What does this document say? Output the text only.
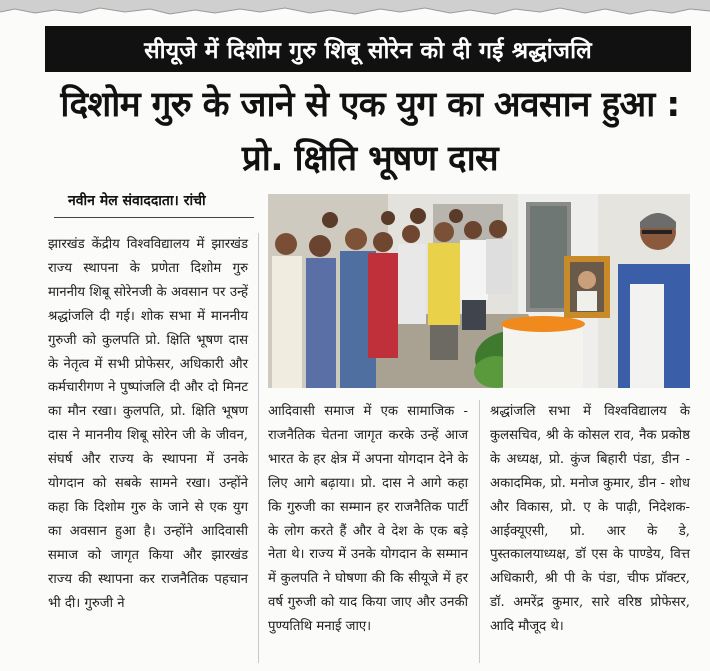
सीयूजे में दिशोम गुरु शिबू सोरेन को दी गई श्रद्धांजलि
दिशोम गुरु के जाने से एक युग का अवसान हुआ : प्रो. क्षिति भूषण दास
नवीन मेल संवाददाता। रांची
झारखंड केंद्रीय विश्वविद्यालय में झारखंड राज्य स्थापना के प्रणेता दिशोम गुरु माननीय शिबू सोरेनजी के अवसान पर उन्हें श्रद्धांजलि दी गई। शोक सभा में माननीय गुरुजी को कुलपति प्रो. क्षिति भूषण दास के नेतृत्व में सभी प्रोफेसर, अधिकारी और कर्मचारीगण ने पुष्पांजलि दी और दो मिनट का मौन रखा। कुलपति, प्रो. क्षिति भूषण दास ने माननीय शिबू सोरेन जी के जीवन, संघर्ष और राज्य के स्थापना में उनके योगदान को सबके सामने रखा। उन्होंने कहा कि दिशोम गुरु के जाने से एक युग का अवसान हुआ है। उन्होंने आदिवासी समाज को जागृत किया और झारखंड राज्य की स्थापना कर राजनैतिक पहचान भी दी। गुरुजी ने
आदिवासी समाज में एक सामाजिक - राजनैतिक चेतना जागृत करके उन्हें आज भारत के हर क्षेत्र में अपना योगदान देने के लिए आगे बढ़ाया। प्रो. दास ने आगे कहा कि गुरुजी का सम्मान हर राजनैतिक पार्टी के लोग करते हैं और वे देश के एक बड़े नेता थे। राज्य में उनके योगदान के सम्मान में कुलपति ने घोषणा की कि सीयूजे में हर वर्ष गुरुजी को याद किया जाए और उनकी पुण्यतिथि मनाई जाए।
श्रद्धांजलि सभा में विश्वविद्यालय के कुलसचिव, श्री के कोसल राव, नैक प्रकोष्ठ के अध्यक्ष, प्रो. कुंज बिहारी पंडा, डीन - अकादमिक, प्रो. मनोज कुमार, डीन - शोध और विकास, प्रो. ए के पाढ़ी, निदेशक- आईक्यूएसी, प्रो. आर के डे, पुस्तकालयाध्यक्ष, डॉ एस के पाण्डेय, वित्त अधिकारी, श्री पी के पंडा, चीफ प्रॉक्टर, डॉ. अमरेंद्र कुमार, सारे वरिष्ठ प्रोफेसर, आदि मौजूद थे।
